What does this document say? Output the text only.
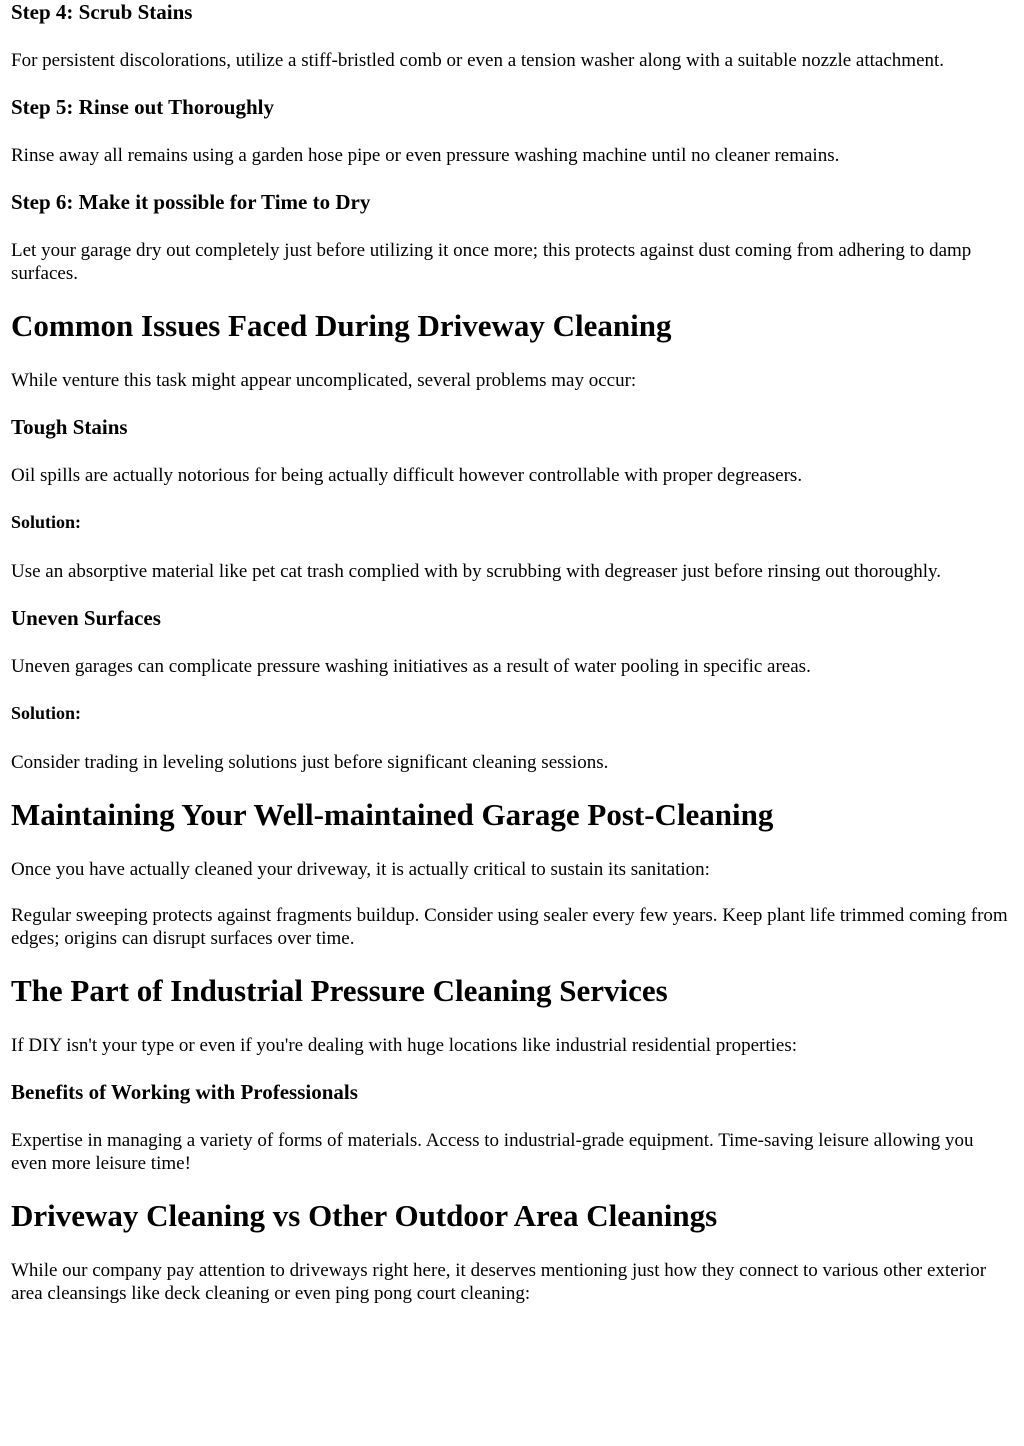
Step 4: Scrub Stains

For persistent discolorations, utilize a stiff-bristled comb or even a tension washer along with a suitable nozzle attachment.

Step 5: Rinse out Thoroughly

Rinse away all remains using a garden hose pipe or even pressure washing machine until no cleaner remains.

Step 6: Make it possible for Time to Dry

Let your garage dry out completely just before utilizing it once more; this protects against dust coming from adhering to damp surfaces.

Common Issues Faced During Driveway Cleaning

While venture this task might appear uncomplicated, several problems may occur:

Tough Stains

Oil spills are actually notorious for being actually difficult however controllable with proper degreasers.

Solution:

Use an absorptive material like pet cat trash complied with by scrubbing with degreaser just before rinsing out thoroughly.

Uneven Surfaces

Uneven garages can complicate pressure washing initiatives as a result of water pooling in specific areas.

Solution:

Consider trading in leveling solutions just before significant cleaning sessions.

Maintaining Your Well-maintained Garage Post-Cleaning

Once you have actually cleaned your driveway, it is actually critical to sustain its sanitation:

Regular sweeping protects against fragments buildup. Consider using sealer every few years. Keep plant life trimmed coming from edges; origins can disrupt surfaces over time.

The Part of Industrial Pressure Cleaning Services

If DIY isn't your type or even if you're dealing with huge locations like industrial residential properties:

Benefits of Working with Professionals

Expertise in managing a variety of forms of materials. Access to industrial-grade equipment. Time-saving leisure allowing you even more leisure time!

Driveway Cleaning vs Other Outdoor Area Cleanings

While our company pay attention to driveways right here, it deserves mentioning just how they connect to various other exterior area cleansings like deck cleaning or even ping pong court cleaning:
